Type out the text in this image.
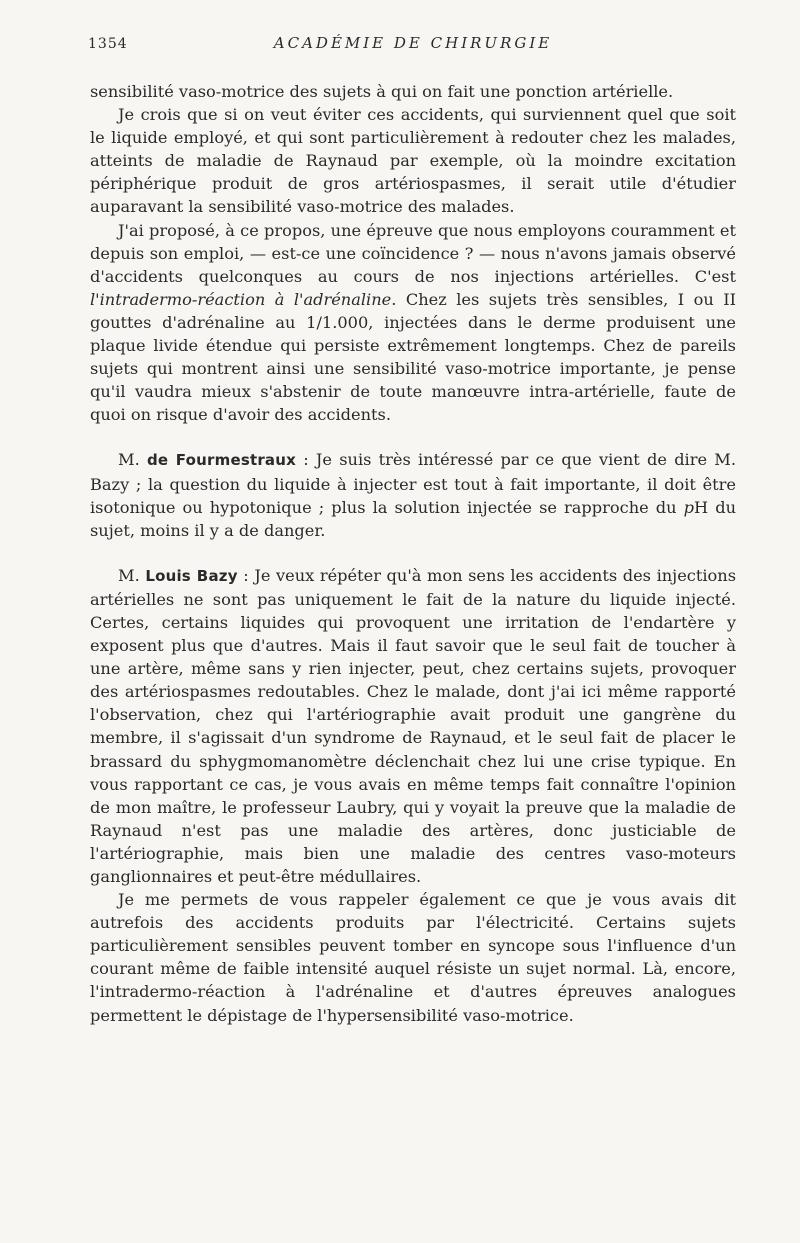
1354	ACADÉMIE DE CHIRURGIE

sensibilité vaso-motrice des sujets à qui on fait une ponction artérielle.

Je crois que si on veut éviter ces accidents, qui surviennent quel que soit le liquide employé, et qui sont particulièrement à redouter chez les malades, atteints de maladie de Raynaud par exemple, où la moindre excitation périphérique produit de gros artériospasmes, il serait utile d'étudier auparavant la sensibilité vaso-motrice des malades.

J'ai proposé, à ce propos, une épreuve que nous employons couramment et depuis son emploi, — est-ce une coïncidence ? — nous n'avons jamais observé d'accidents quelconques au cours de nos injections artérielles. C'est l'intradermo-réaction à l'adrénaline. Chez les sujets très sensibles, I ou II gouttes d'adrénaline au 1/1.000, injectées dans le derme produisent une plaque livide étendue qui persiste extrêmement longtemps. Chez de pareils sujets qui montrent ainsi une sensibilité vaso-motrice importante, je pense qu'il vaudra mieux s'abstenir de toute manœuvre intra-artérielle, faute de quoi on risque d'avoir des accidents.

M. de Fourmestraux : Je suis très intéressé par ce que vient de dire M. Bazy ; la question du liquide à injecter est tout à fait importante, il doit être isotonique ou hypotonique ; plus la solution injectée se rapproche du pH du sujet, moins il y a de danger.

M. Louis Bazy : Je veux répéter qu'à mon sens les accidents des injections artérielles ne sont pas uniquement le fait de la nature du liquide injecté. Certes, certains liquides qui provoquent une irritation de l'endartère y exposent plus que d'autres. Mais il faut savoir que le seul fait de toucher à une artère, même sans y rien injecter, peut, chez certains sujets, provoquer des artériospasmes redoutables. Chez le malade, dont j'ai ici même rapporté l'observation, chez qui l'artériographie avait produit une gangrène du membre, il s'agissait d'un syndrome de Raynaud, et le seul fait de placer le brassard du sphygmomanomètre déclenchait chez lui une crise typique. En vous rapportant ce cas, je vous avais en même temps fait connaître l'opinion de mon maître, le professeur Laubry, qui y voyait la preuve que la maladie de Raynaud n'est pas une maladie des artères, donc justiciable de l'artériographie, mais bien une maladie des centres vaso-moteurs ganglionnaires et peut-être médullaires.

Je me permets de vous rappeler également ce que je vous avais dit autrefois des accidents produits par l'électricité. Certains sujets particulièrement sensibles peuvent tomber en syncope sous l'influence d'un courant même de faible intensité auquel résiste un sujet normal. Là, encore, l'intradermo-réaction à l'adrénaline et d'autres épreuves analogues permettent le dépistage de l'hypersensibilité vaso-motrice.
